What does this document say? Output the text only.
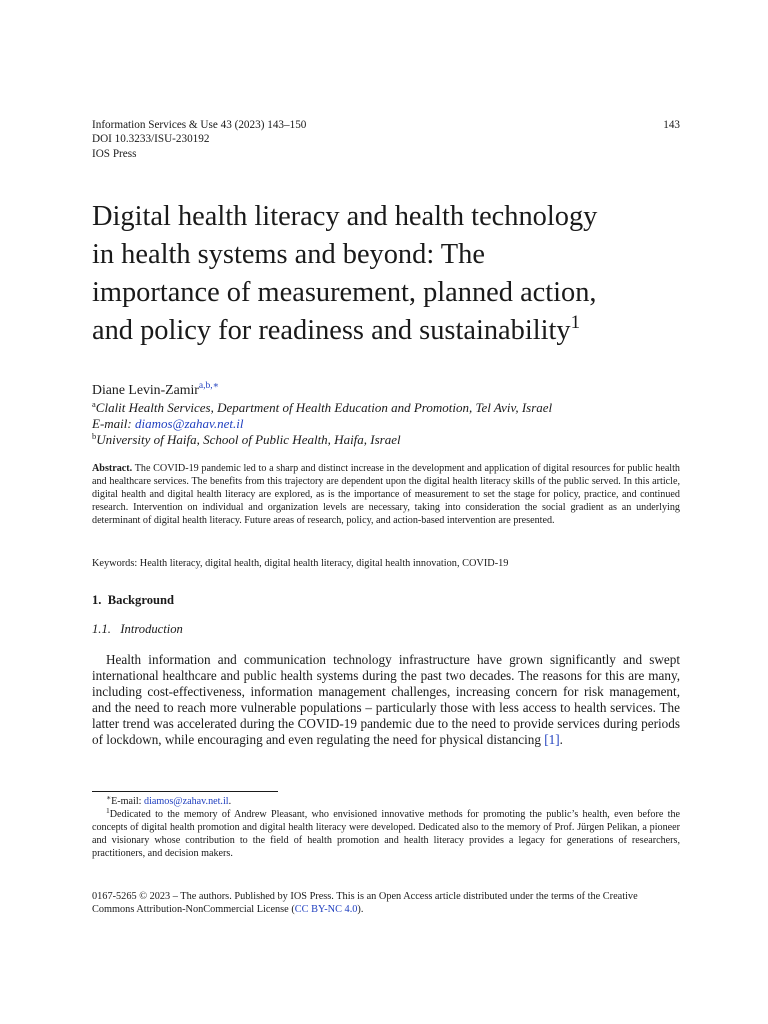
Information Services & Use 43 (2023) 143–150
DOI 10.3233/ISU-230192
IOS Press
143
Digital health literacy and health technology
in health systems and beyond: The
importance of measurement, planned action,
and policy for readiness and sustainability$^1$
Diane Levin-Zamir$^{a,b,∗}$
$^a$Clalit Health Services, Department of Health Education and Promotion, Tel Aviv, Israel
E-mail: diamos@zahav.net.il
$^b$University of Haifa, School of Public Health, Haifa, Israel
Abstract. The COVID-19 pandemic led to a sharp and distinct increase in the development and application of digital resources for public health and healthcare services. The benefits from this trajectory are dependent upon the digital health literacy skills of the public served. In this article, digital health and digital health literacy are explored, as is the importance of measurement to set the stage for policy, practice, and continued research. Intervention on individual and organization levels are necessary, taking into consideration the social gradient as an underlying determinant of digital health literacy. Future areas of research, policy, and action-based intervention are presented.
Keywords: Health literacy, digital health, digital health literacy, digital health innovation, COVID-19
1. Background
1.1. Introduction
Health information and communication technology infrastructure have grown significantly and swept international healthcare and public health systems during the past two decades. The reasons for this are many, including cost-effectiveness, information management challenges, increasing concern for risk management, and the need to reach more vulnerable populations – particularly those with less access to health services. The latter trend was accelerated during the COVID-19 pandemic due to the need to provide services during periods of lockdown, while encouraging and even regulating the need for physical distancing [1].
∗E-mail: diamos@zahav.net.il.
$^1$Dedicated to the memory of Andrew Pleasant, who envisioned innovative methods for promoting the public’s health, even before the concepts of digital health promotion and digital health literacy were developed. Dedicated also to the memory of Prof. Jürgen Pelikan, a pioneer and visionary whose contribution to the field of health promotion and health literacy provides a legacy for generations of researchers, practitioners, and decision makers.
0167-5265 © 2023 – The authors. Published by IOS Press. This is an Open Access article distributed under the terms of the Creative Commons Attribution-NonCommercial License (CC BY-NC 4.0).
